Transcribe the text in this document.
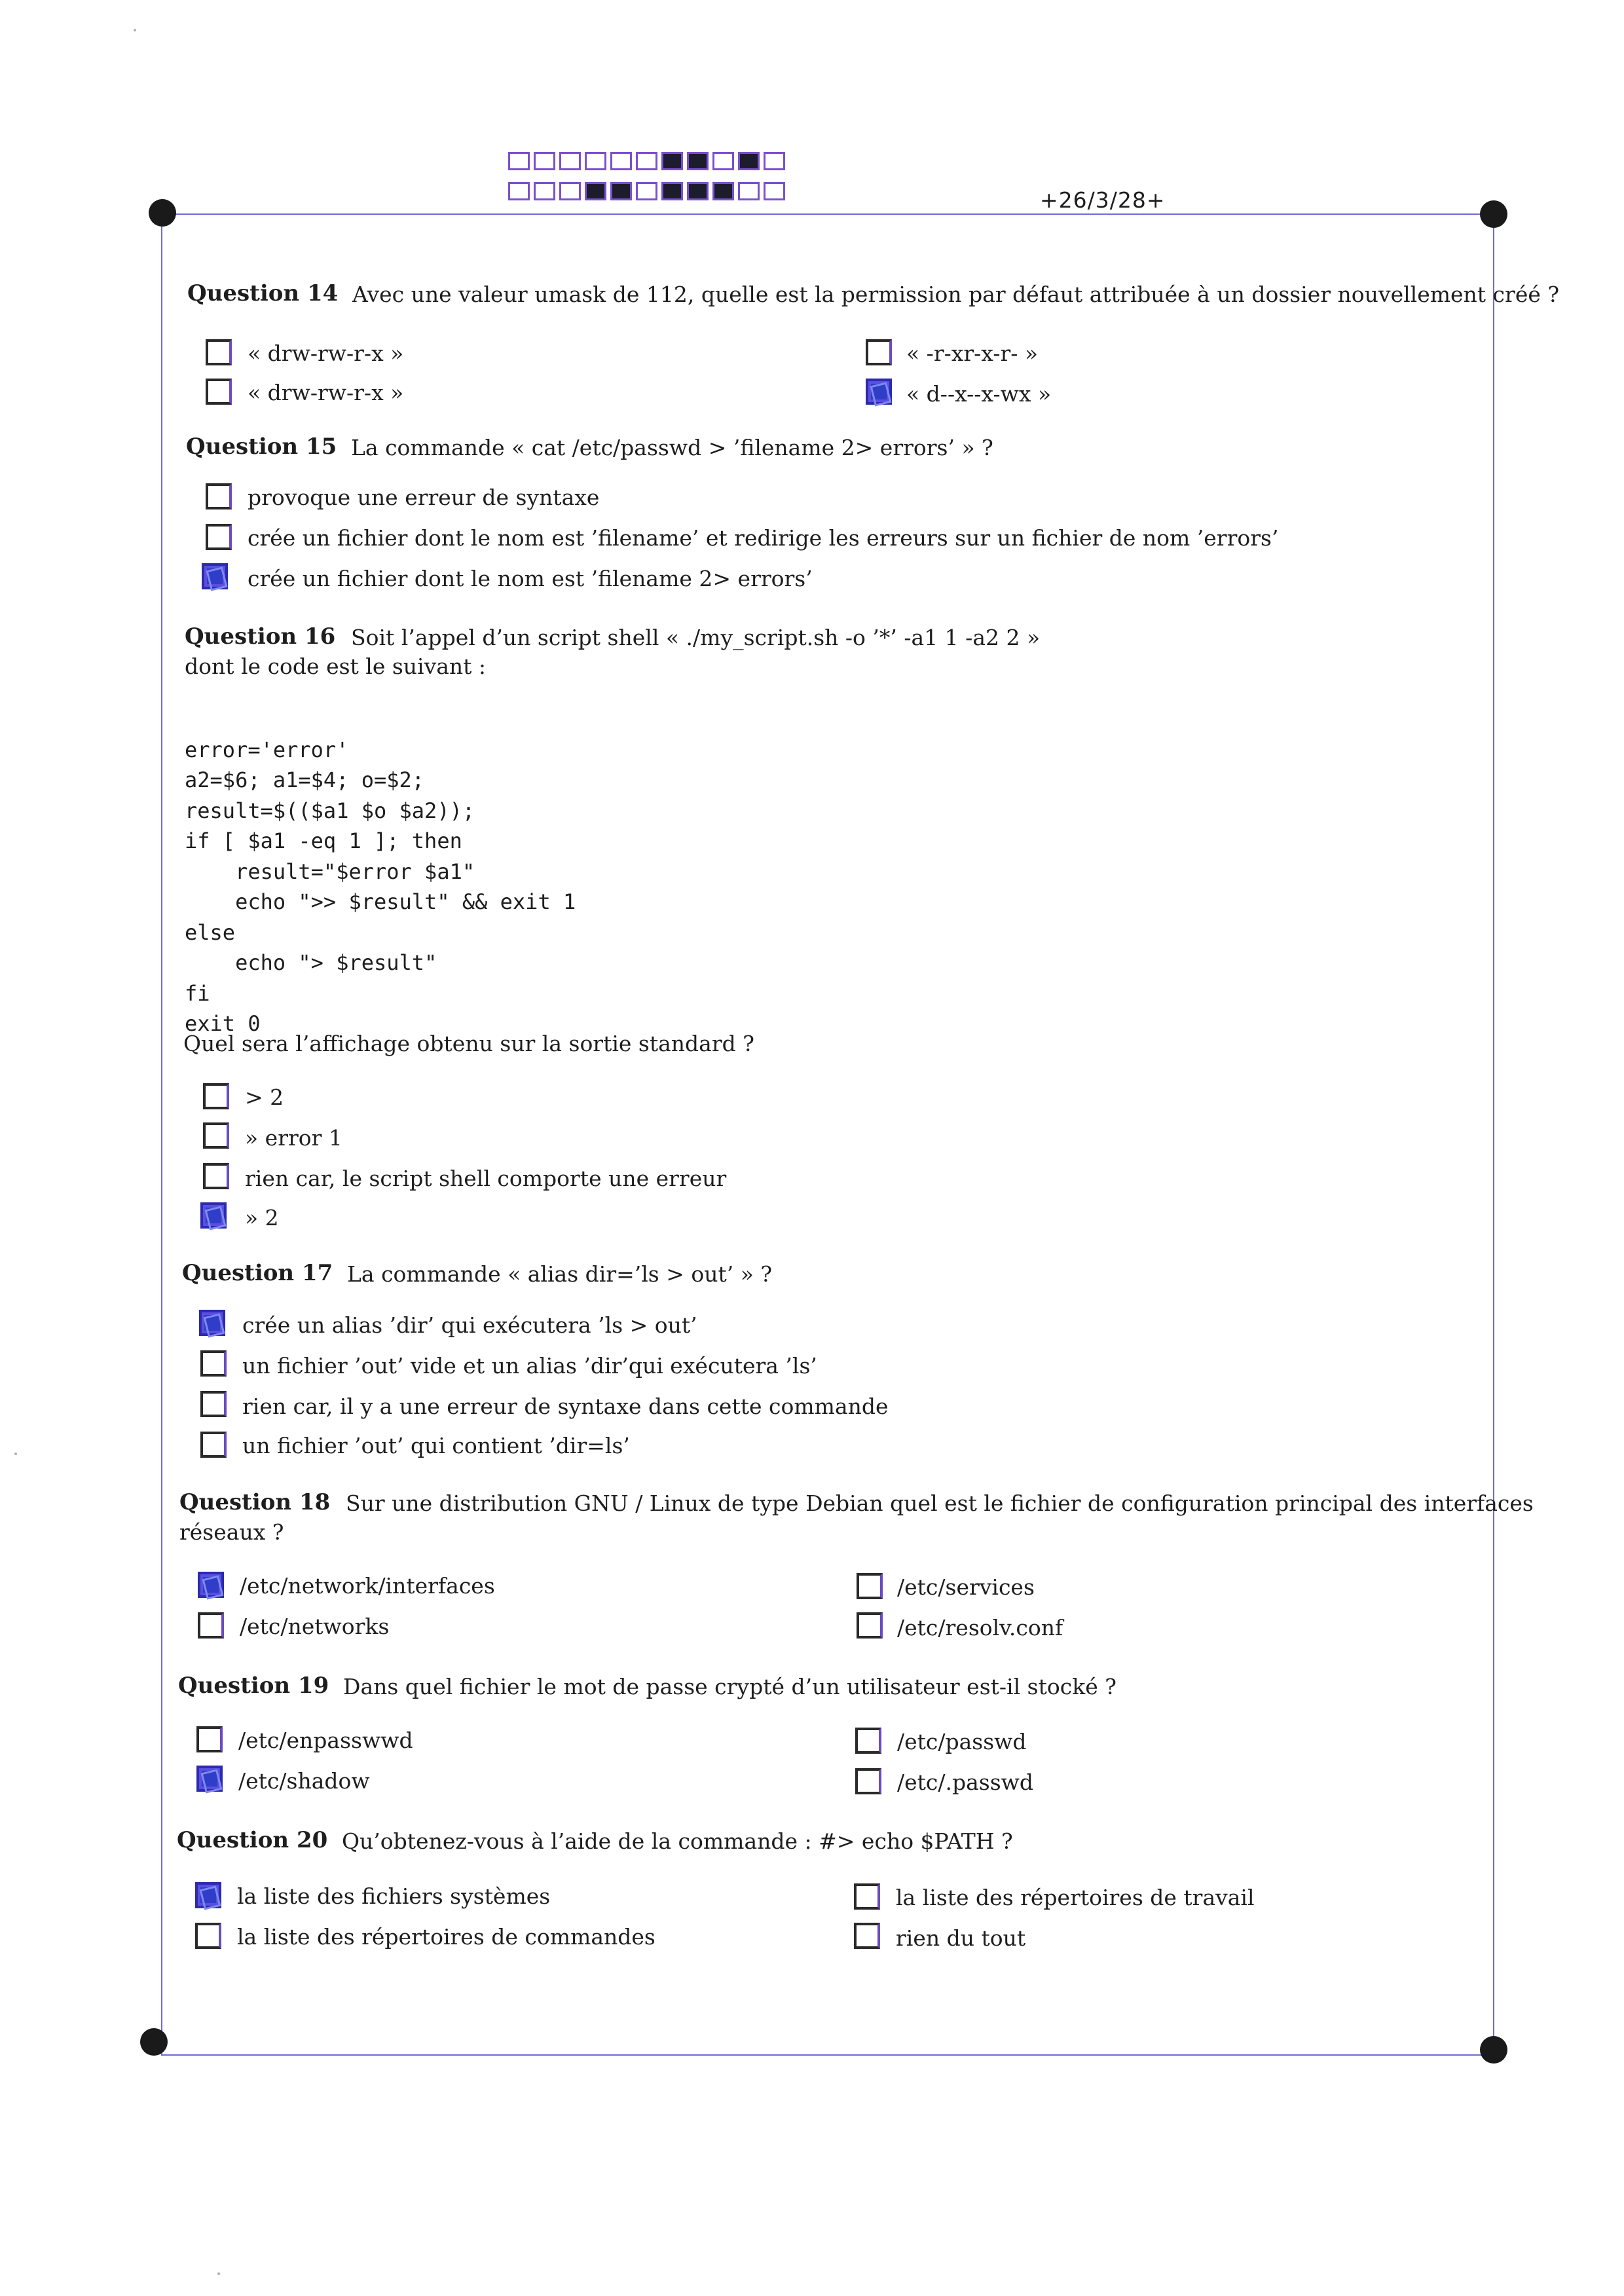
+26/3/28+
Question 14 Avec une valeur umask de 112, quelle est la permission par défaut attribuée à un dossier nouvellement créé ?
« drw-rw-r-x »
« drw-rw-r-x »
« -r-xr-x-r- »
« d--x--x-wx »
Question 15 La commande « cat /etc/passwd > ’filename 2> errors’ » ?
provoque une erreur de syntaxe
crée un fichier dont le nom est ’filename’ et redirige les erreurs sur un fichier de nom ’errors’
crée un fichier dont le nom est ’filename 2> errors’
Question 16 Soit l’appel d’un script shell « ./my_script.sh -o ’*’ -a1 1 -a2 2 »
dont le code est le suivant :

error='error'
a2=$6; a1=$4; o=$2;
result=$(($a1 $o $a2));
if [ $a1 -eq 1 ]; then
result="$error $a1"
echo ">> $result" && exit 1
else
echo "> $result"
fi
exit 0

Quel sera l’affichage obtenu sur la sortie standard ?
> 2
» error 1
rien car, le script shell comporte une erreur
» 2
Question 17 La commande « alias dir=’ls > out’ » ?
crée un alias ’dir’ qui exécutera ’ls > out’
un fichier ’out’ vide et un alias ’dir’qui exécutera ’ls’
rien car, il y a une erreur de syntaxe dans cette commande
un fichier ’out’ qui contient ’dir=ls’
Question 18 Sur une distribution GNU / Linux de type Debian quel est le fichier de configuration principal des interfaces
réseaux ?
/etc/network/interfaces
/etc/networks
/etc/services
/etc/resolv.conf
Question 19 Dans quel fichier le mot de passe crypté d’un utilisateur est-il stocké ?
/etc/enpasswwd
/etc/shadow
/etc/passwd
/etc/.passwd
Question 20 Qu’obtenez-vous à l’aide de la commande : #> echo $PATH ?
la liste des fichiers systèmes
la liste des répertoires de commandes
la liste des répertoires de travail
rien du tout
